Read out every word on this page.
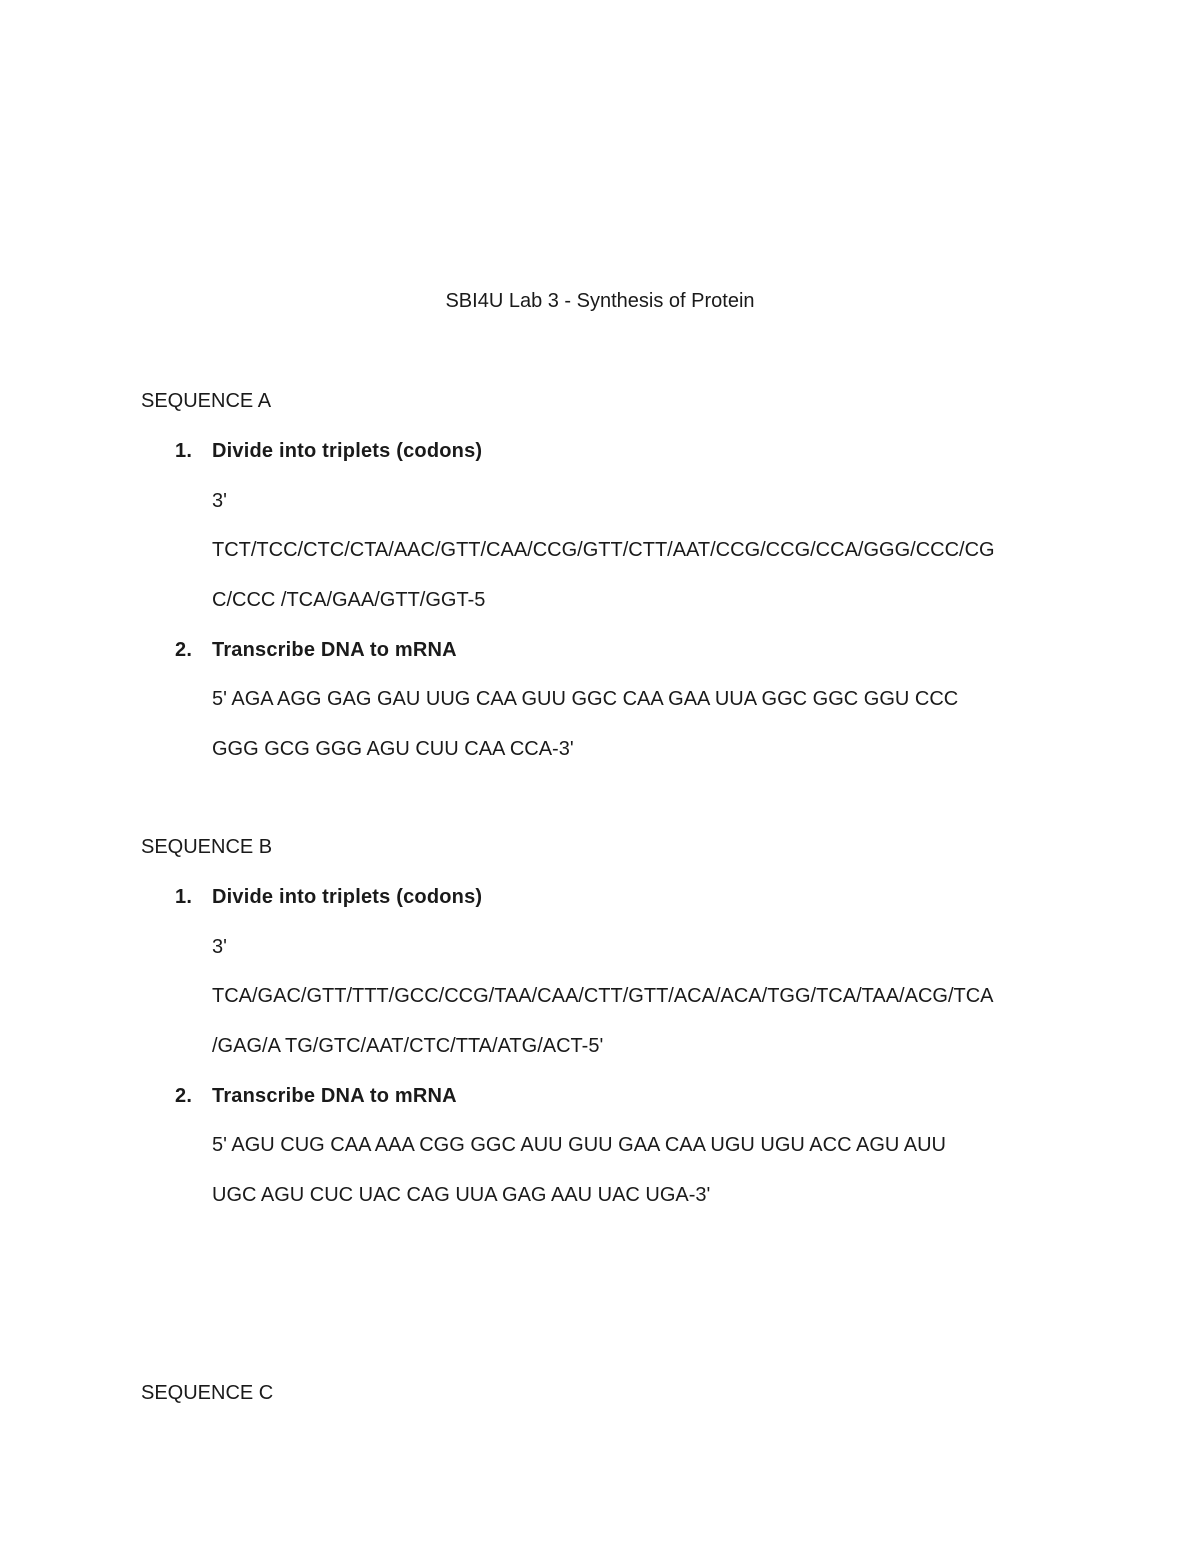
SBI4U Lab 3 - Synthesis of Protein
SEQUENCE A
1. Divide into triplets (codons)
3'
TCT/TCC/CTC/CTA/AAC/GTT/CAA/CCG/GTT/CTT/AAT/CCG/CCG/CCA/GGG/CCC/CG
C/CCC /TCA/GAA/GTT/GGT-5
2. Transcribe DNA to mRNA
5' AGA AGG GAG GAU UUG CAA GUU GGC CAA GAA UUA GGC GGC GGU CCC
GGG GCG GGG AGU CUU CAA CCA-3'
SEQUENCE B
1. Divide into triplets (codons)
3'
TCA/GAC/GTT/TTT/GCC/CCG/TAA/CAA/CTT/GTT/ACA/ACA/TGG/TCA/TAA/ACG/TCA
/GAG/A TG/GTC/AAT/CTC/TTA/ATG/ACT-5'
2. Transcribe DNA to mRNA
5' AGU CUG CAA AAA CGG GGC AUU GUU GAA CAA UGU UGU ACC AGU AUU
UGC AGU CUC UAC CAG UUA GAG AAU UAC UGA-3'
SEQUENCE C
